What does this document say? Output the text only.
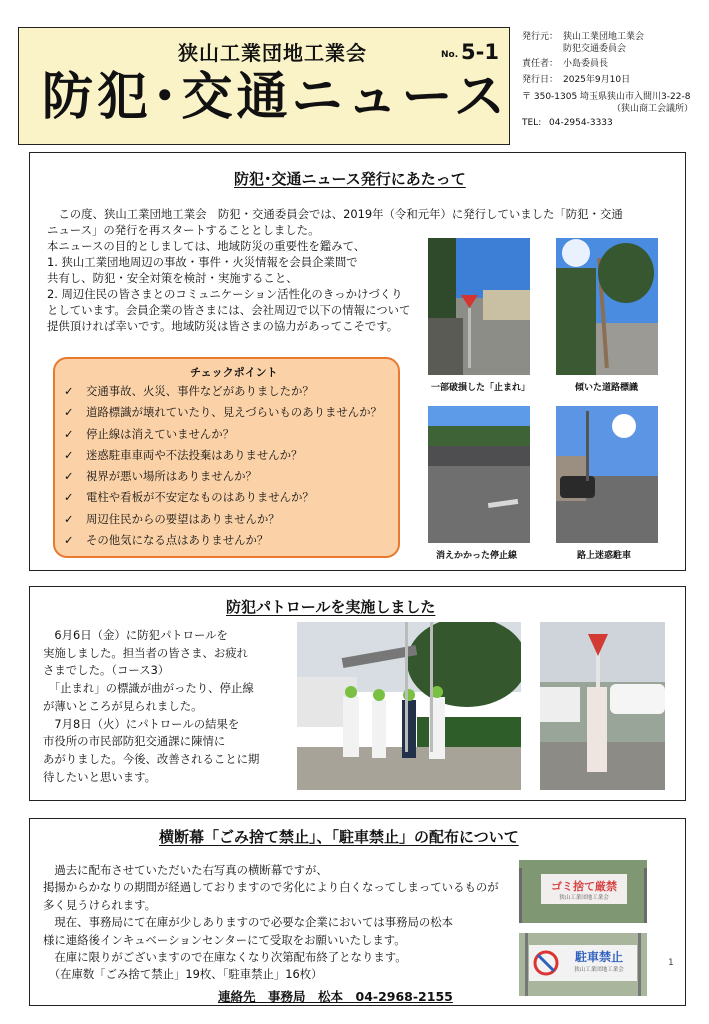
狭山工業団地工業会	No. 5-1
防犯･交通ニュース
発行元： 狭山工業団地工業会
防犯交通委員会
責任者： 小島委員長
発行日： 2025年9月10日
〒 350-1305 埼玉県狭山市入間川3-22-8
（狭山商工会議所）
TEL: 04-2954-3333
防犯･交通ニュース発行にあたって
　この度、狭山工業団地工業会　防犯・交通委員会では、2019年（令和元年）に発行していました「防犯・交通
ニュース」の発行を再スタートすることとしました。
本ニュースの目的としましては、地域防災の重要性を鑑みて、
1. 狭山工業団地周辺の事故・事件・火災情報を会員企業間で
共有し、防犯・安全対策を検討・実施すること、
2. 周辺住民の皆さまとのコミュニケーション活性化のきっかけづくり
としています。会員企業の皆さまには、会社周辺で以下の情報について
提供頂ければ幸いです。地域防災は皆さまの協力があってこそです。
チェックポイント
✓ 交通事故、火災、事件などがありましたか？
✓ 道路標識が壊れていたり、見えづらいものありませんか？
✓ 停止線は消えていませんか？
✓ 迷惑駐車車両や不法投棄はありませんか？
✓ 視界が悪い場所はありませんか？
✓ 電柱や看板が不安定なものはありませんか？
✓ 周辺住民からの要望はありませんか？
✓ その他気になる点はありませんか？
一部破損した「止まれ」	傾いた道路標識
消えかかった停止線	路上迷惑駐車
防犯パトロールを実施しました
　6月6日（金）に防犯パトロールを
実施しました。担当者の皆さま、お疲れ
さまでした。（コース3）
　「止まれ」の標識が曲がったり、停止線
が薄いところが見られました。
　7月8日（火）にパトロールの結果を
市役所の市民部防犯交通課に陳情に
あがりました。今後、改善されることに期
待したいと思います。
横断幕「ごみ捨て禁止」、「駐車禁止」の配布について
　過去に配布させていただいた右写真の横断幕ですが、
掲揚からかなりの期間が経過しておりますので劣化により白くなってしまっているものが
多く見うけられます。
　現在、事務局にて在庫が少しありますので必要な企業においては事務局の松本
様に連絡後インキュベーションセンターにて受取をお願いいたします。
　在庫に限りがございますので在庫なくなり次第配布終了となります。
　（在庫数「ごみ捨て禁止」19枚、「駐車禁止」16枚）
連絡先　事務局　松本　04-2968-2155
ゴミ捨て厳禁
狭山工業団地工業会
駐車禁止
狭山工業団地工業会
1
